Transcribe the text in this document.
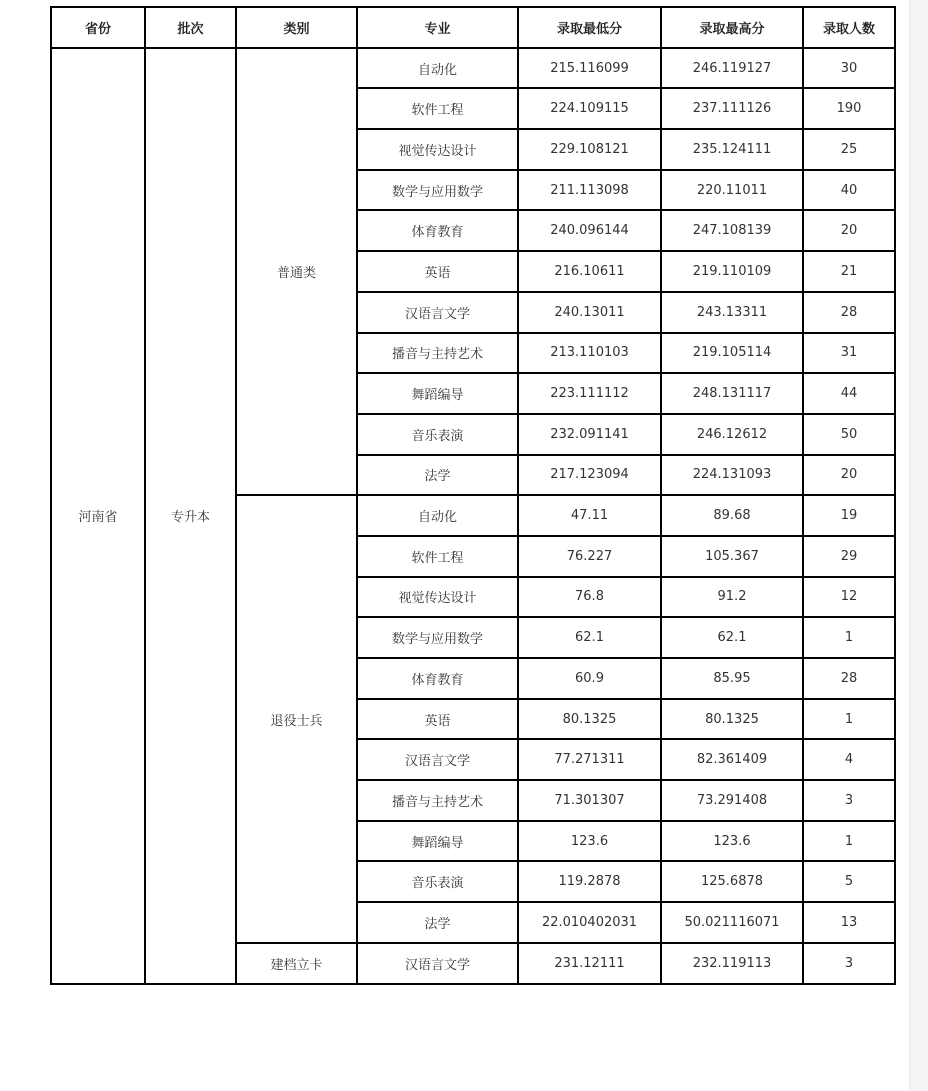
省份	批次	类别	专业	录取最低分	录取最高分	录取人数
河南省	专升本	普通类	自动化	215.116099	246.119127	30
			软件工程	224.109115	237.111126	190
			视觉传达设计	229.108121	235.124111	25
			数学与应用数学	211.113098	220.11011	40
			体育教育	240.096144	247.108139	20
			英语	216.10611	219.110109	21
			汉语言文学	240.13011	243.13311	28
			播音与主持艺术	213.110103	219.105114	31
			舞蹈编导	223.111112	248.131117	44
			音乐表演	232.091141	246.12612	50
			法学	217.123094	224.131093	20
		退役士兵	自动化	47.11	89.68	19
			软件工程	76.227	105.367	29
			视觉传达设计	76.8	91.2	12
			数学与应用数学	62.1	62.1	1
			体育教育	60.9	85.95	28
			英语	80.1325	80.1325	1
			汉语言文学	77.271311	82.361409	4
			播音与主持艺术	71.301307	73.291408	3
			舞蹈编导	123.6	123.6	1
			音乐表演	119.2878	125.6878	5
			法学	22.010402031	50.021116071	13
		建档立卡	汉语言文学	231.12111	232.119113	3
